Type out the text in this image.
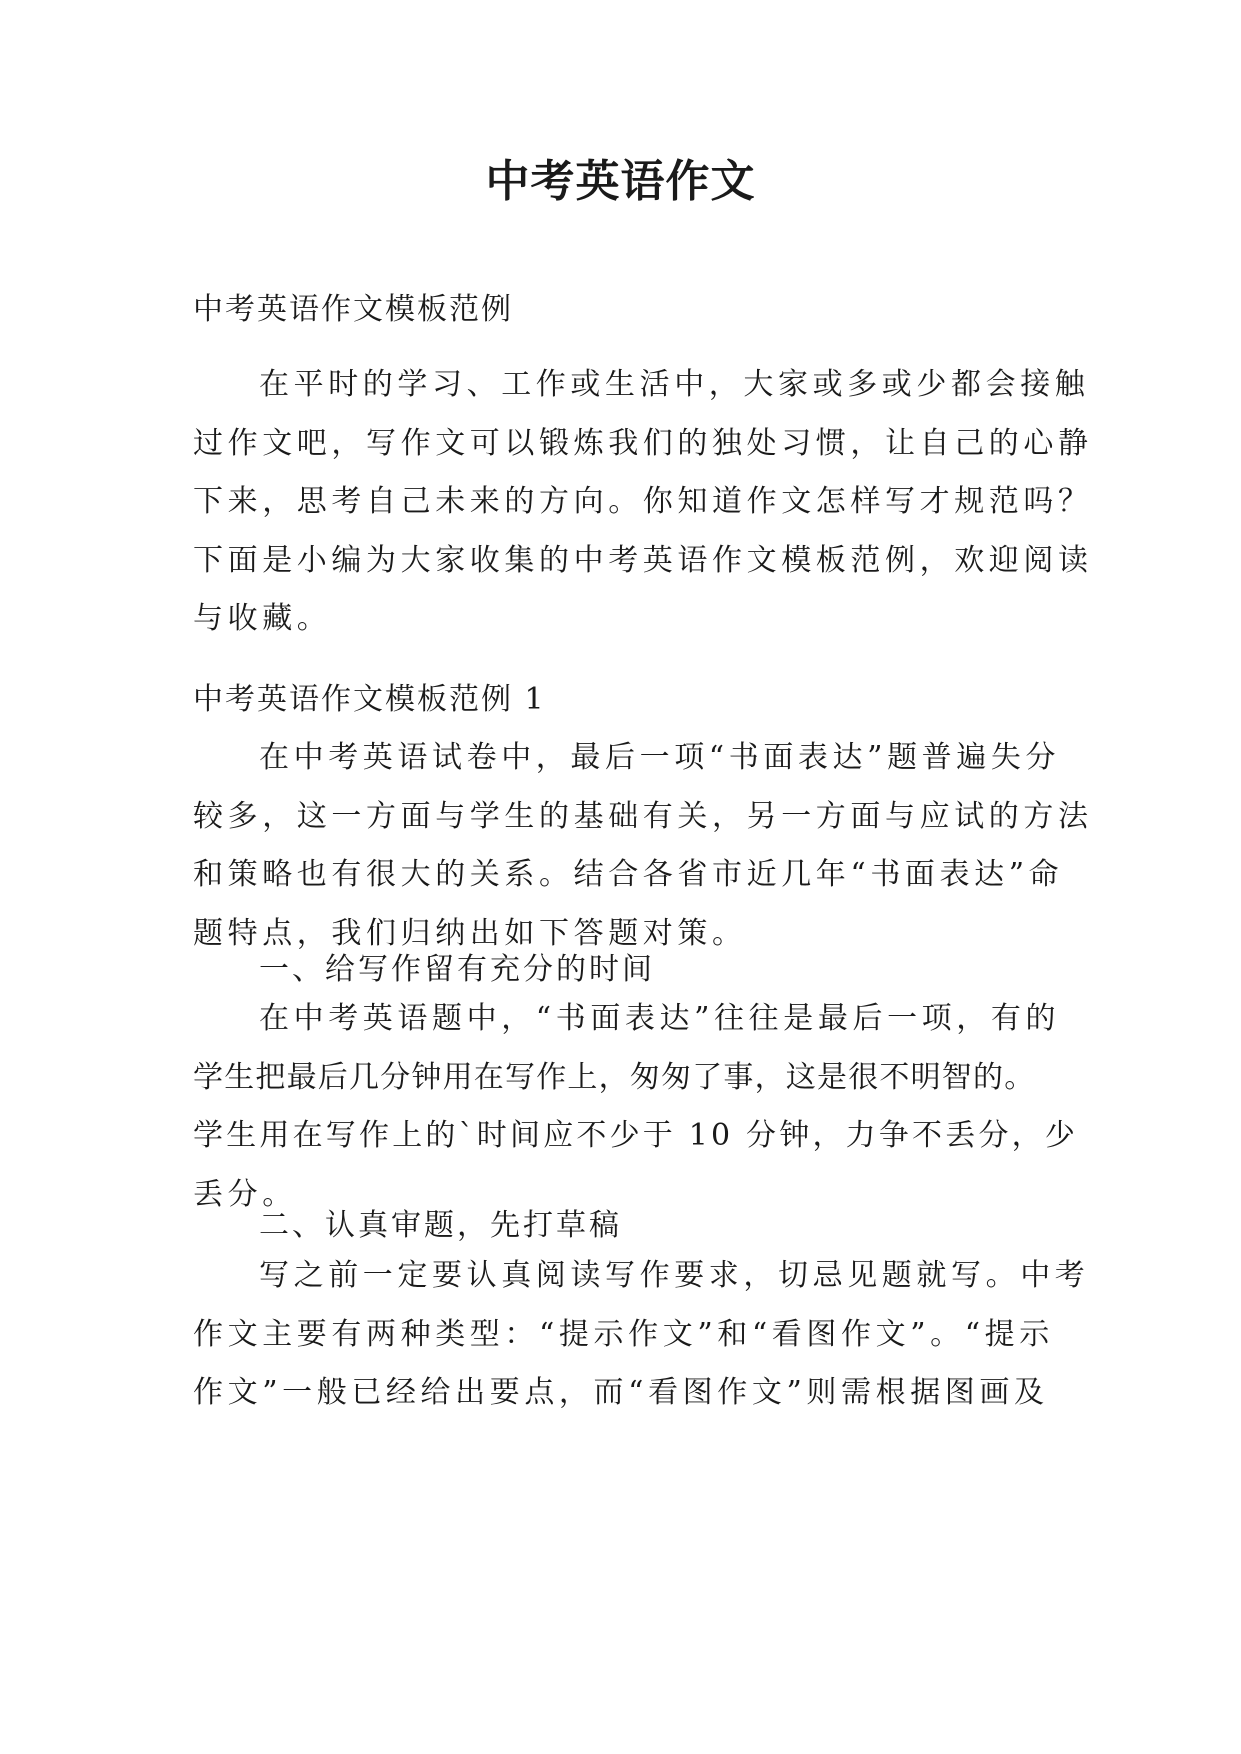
中考英语作文

中考英语作文模板范例

在平时的学习、工作或生活中，大家或多或少都会接触
过作文吧，写作文可以锻炼我们的独处习惯，让自己的心静
下来，思考自己未来的方向。你知道作文怎样写才规范吗？
下面是小编为大家收集的中考英语作文模板范例，欢迎阅读
与收藏。

中考英语作文模板范例 1

在中考英语试卷中，最后一项“书面表达”题普遍失分
较多，这一方面与学生的基础有关，另一方面与应试的方法
和策略也有很大的关系。结合各省市近几年“书面表达”命
题特点，我们归纳出如下答题对策。

一、给写作留有充分的时间

在中考英语题中，“书面表达”往往是最后一项，有的
学生把最后几分钟用在写作上，匆匆了事，这是很不明智的。
学生用在写作上的`时间应不少于 10 分钟，力争不丢分，少
丢分。

二、认真审题，先打草稿

写之前一定要认真阅读写作要求，切忌见题就写。中考
作文主要有两种类型：“提示作文”和“看图作文”。“提示
作文”一般已经给出要点，而“看图作文”则需根据图画及
